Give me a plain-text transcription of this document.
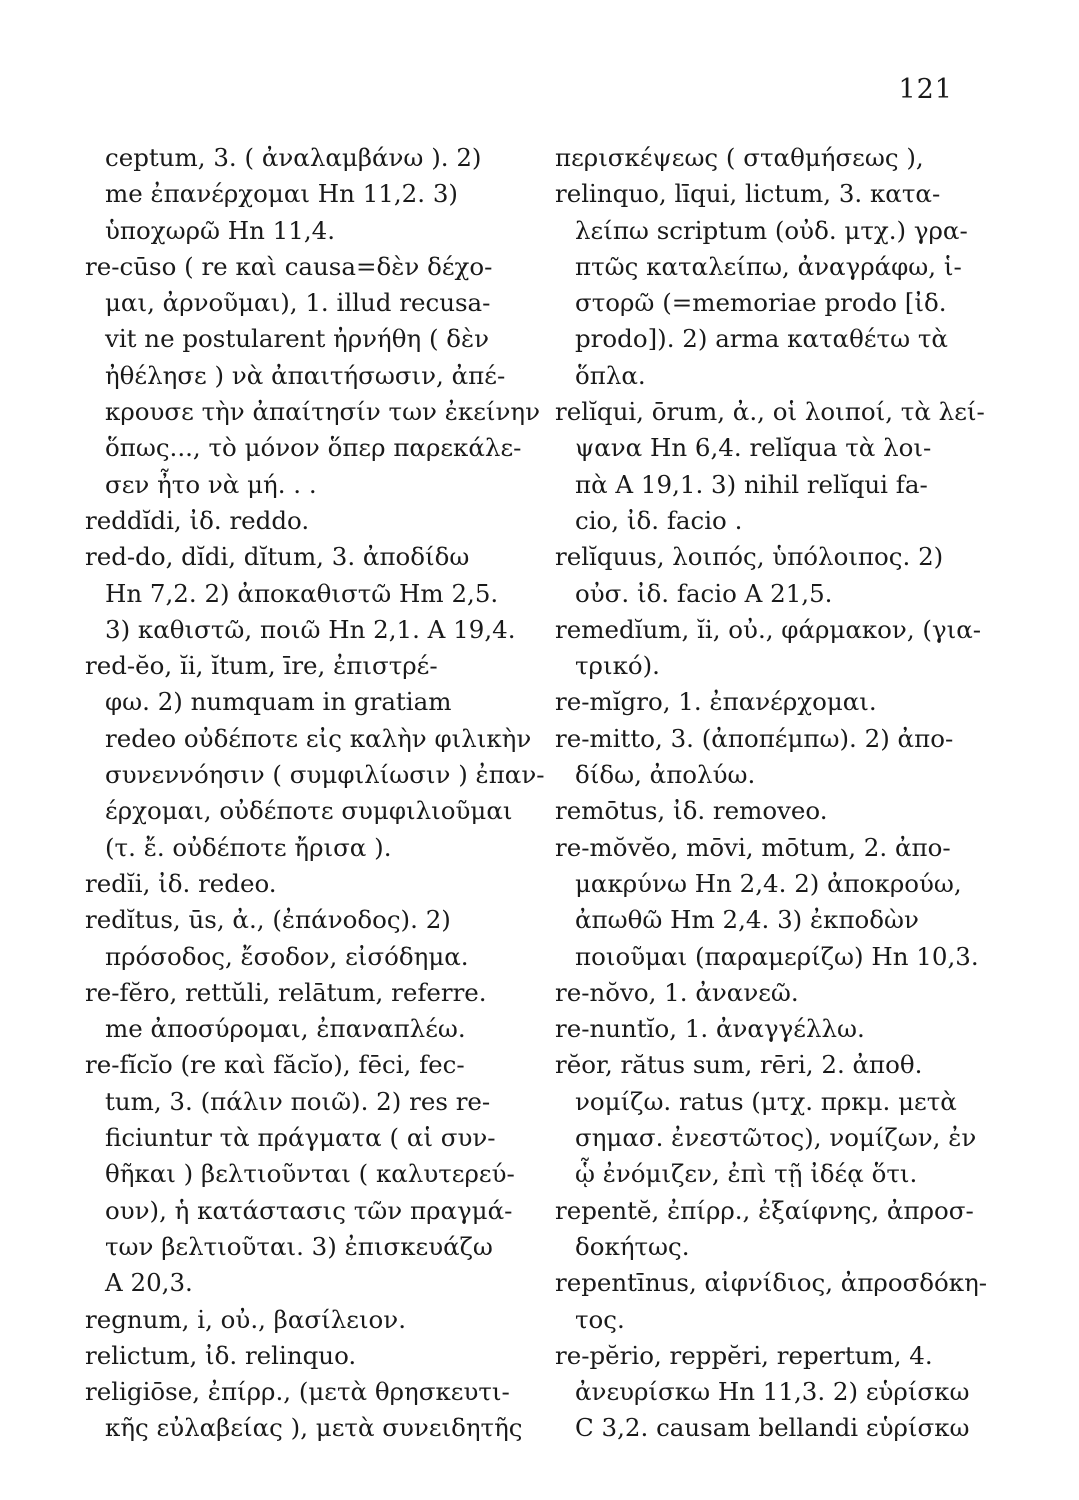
121
ceptum, 3. ( ἀναλαμβάνω ). 2)
me ἐπανέρχομαι Hn 11,2. 3)
ὑποχωρῶ Hn 11,4.
re-cūso ( re καὶ causa=δὲν δέχο-
μαι, ἀρνοῦμαι), 1. illud recusa-
vit ne postularent ἠρνήθη ( δὲν
ἠθέλησε ) νὰ ἀπαιτήσωσιν, ἀπέ-
κρουσε τὴν ἀπαίτησίν των ἐκείνην
ὅπως..., τὸ μόνον ὅπερ παρεκάλε-
σεν ἦτο νὰ μή. . .
reddĭdi, ἰδ. reddo.
red-do, dĭdi, dĭtum, 3. ἀποδίδω
Hn 7,2. 2) ἀποκαθιστῶ Hm 2,5.
3) καθιστῶ, ποιῶ Hn 2,1. A 19,4.
red-ĕo, ĭi, ĭtum, īre, ἐπιστρέ-
φω. 2) numquam in gratiam
redeo οὐδέποτε εἰς καλὴν φιλικὴν
συνεννόησιν ( συμφιλίωσιν ) ἐπαν-
έρχομαι, οὐδέποτε συμφιλιοῦμαι
(τ. ἔ. οὐδέποτε ἤρισα ).
redĭi, ἰδ. redeo.
redĭtus, ūs, ἀ., (ἐπάνοδος). 2)
πρόσοδος, ἔσοδον, εἰσόδημα.
re-fĕro, rettŭli, relātum, referre.
me ἀποσύρομαι, ἐπαναπλέω.
re-fĭcĭo (re καὶ făcĭo), fēci, fec-
tum, 3. (πάλιν ποιῶ). 2) res re-
ficiuntur τὰ πράγματα ( αἱ συν-
θῆκαι ) βελτιοῦνται ( καλυτερεύ-
ουν), ἡ κατάστασις τῶν πραγμά-
των βελτιοῦται. 3) ἐπισκευάζω
A 20,3.
regnum, i, οὐ., βασίλειον.
relictum, ἰδ. relinquo.
religiōse, ἐπίρρ., (μετὰ θρησκευτι-
κῆς εὐλαβείας ), μετὰ συνειδητῆς
περισκέψεως ( σταθμήσεως ),
relinquo, līqui, lictum, 3. κατα-
λείπω scriptum (οὐδ. μτχ.) γρα-
πτῶς καταλείπω, ἀναγράφω, ἱ-
στορῶ (=memoriae prodo [ἰδ.
prodo]). 2) arma καταθέτω τὰ
ὅπλα.
relĭqui, ōrum, ἀ., οἱ λοιποί, τὰ λεί-
ψανα Hn 6,4. relĭqua τὰ λοι-
πὰ A 19,1. 3) nihil relĭqui fa-
cio, ἰδ. facio .
relĭquus, λοιπός, ὑπόλοιπος. 2)
οὐσ. ἰδ. facio A 21,5.
remedĭum, ĭi, οὐ., φάρμακον, (για-
τρικό).
re-mĭgro, 1. ἐπανέρχομαι.
re-mitto, 3. (ἀποπέμπω). 2) ἀπο-
δίδω, ἀπολύω.
remōtus, ἰδ. removeo.
re-mŏvĕo, mōvi, mōtum, 2. ἀπο-
μακρύνω Hn 2,4. 2) ἀποκρούω,
ἀπωθῶ Hm 2,4. 3) ἐκποδὼν
ποιοῦμαι (παραμερίζω) Hn 10,3.
re-nŏvo, 1. ἀνανεῶ.
re-nuntĭo, 1. ἀναγγέλλω.
rĕor, rătus sum, rēri, 2. ἀποθ.
νομίζω. ratus (μτχ. πρκμ. μετὰ
σημασ. ἐνεστῶτος), νομίζων, ἐν
ᾧ ἐνόμιζεν, ἐπὶ τῇ ἰδέᾳ ὅτι.
repentĕ, ἐπίρρ., ἐξαίφνης, ἀπροσ-
δοκήτως.
repentīnus, αἰφνίδιος, ἀπροσδόκη-
τος.
re-pĕrio, reppĕri, repertum, 4.
ἀνευρίσκω Hn 11,3. 2) εὑρίσκω
C 3,2. causam bellandi εὑρίσκω
